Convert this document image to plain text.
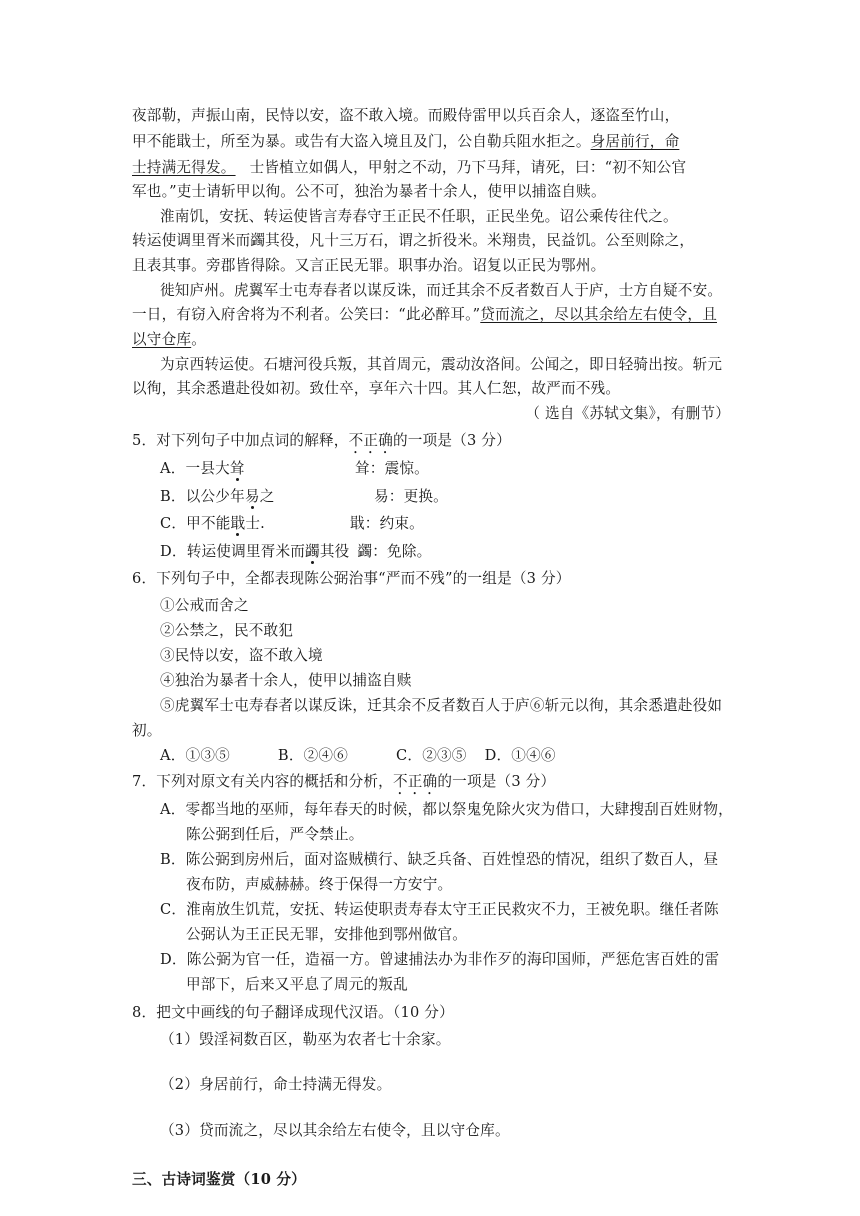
夜部勒，声振山南，民恃以安，盗不敢入境。而殿侍雷甲以兵百余人，逐盗至竹山，
甲不能戢士，所至为暴。或告有大盗入境且及门，公自勒兵阻水拒之。身居前行，命
士持满无得发。 士皆植立如偶人，甲射之不动，乃下马拜，请死，曰：“初不知公官
军也。”吏士请斩甲以徇。公不可，独治为暴者十余人，使甲以捕盗自赎。
淮南饥，安抚、转运使皆言寿春守王正民不任职，正民坐免。诏公乘传往代之。
转运使调里胥米而蠲其役，凡十三万石，谓之折役米。米翔贵，民益饥。公至则除之，
且表其事。旁郡皆得除。又言正民无罪。职事办治。诏复以正民为鄂州。
徙知庐州。虎翼军士屯寿春者以谋反诛，而迁其余不反者数百人于庐，士方自疑不安。
一日，有窃入府舍将为不利者。公笑曰：“此必醉耳。”贷而流之，尽以其余给左右使令，且
以守仓库。
为京西转运使。石塘河役兵叛，其首周元，震动汝洛间。公闻之，即日轻骑出按。斩元
以徇，其余悉遣赴役如初。致仕卒，享年六十四。其人仁恕，故严而不残。
（ 选自《苏轼文集》，有删节）
5．对下列句子中加点词的解释，不正确的一项是（3 分）
A．一县大耸	耸：震惊。
B．以公少年易之	易：更换。
C．甲不能戢士.	戢：约束。
D．转运使调里胥米而蠲其役 蠲：免除。
6．下列句子中，全都表现陈公弼治事“严而不残”的一组是（3 分）
①公戒而舍之
②公禁之，民不敢犯
③民恃以安，盗不敢入境
④独治为暴者十余人，使甲以捕盗自赎
⑤虎翼军士屯寿春者以谋反诛，迁其余不反者数百人于庐⑥斩元以徇，其余悉遣赴役如
初。
A．①③⑤	B．②④⑥	C．②③⑤ D．①④⑥
7．下列对原文有关内容的概括和分析，不正确的一项是（3 分）
A．零都当地的巫师，每年春天的时候，都以祭鬼免除火灾为借口，大肆搜刮百姓财物，
陈公弼到任后，严令禁止。
B．陈公弼到房州后，面对盗贼横行、缺乏兵备、百姓惶恐的情况，组织了数百人，昼
夜布防，声威赫赫。终于保得一方安宁。
C．淮南放生饥荒，安抚、转运使职责寿春太守王正民救灾不力，王被免职。继任者陈
公弼认为王正民无罪，安排他到鄂州做官。
D．陈公弼为官一任，造福一方。曾逮捕法办为非作歹的海印国师，严惩危害百姓的雷
甲部下，后来又平息了周元的叛乱
8．把文中画线的句子翻译成现代汉语。（10 分）
（1）毁淫祠数百区，勒巫为农者七十余家。
（2）身居前行，命士持满无得发。
（3）贷而流之，尽以其余给左右使令，且以守仓库。
三、古诗词鉴赏（10 分）
